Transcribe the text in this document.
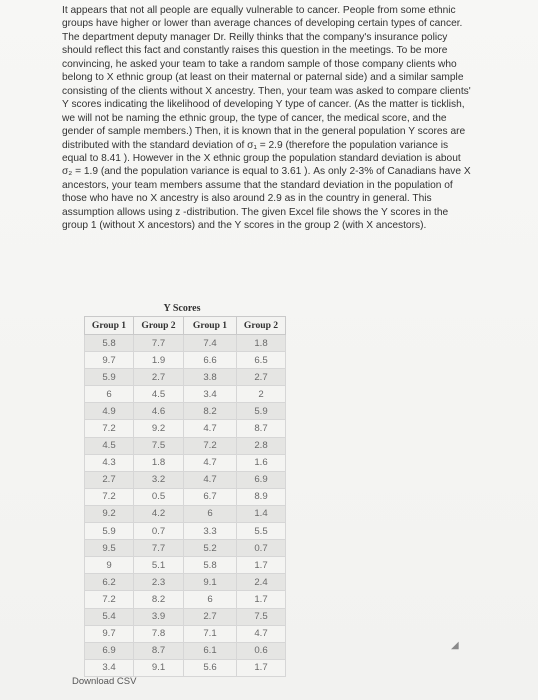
It appears that not all people are equally vulnerable to cancer. People from some ethnic groups have higher or lower than average chances of developing certain types of cancer. The department deputy manager Dr. Reilly thinks that the company's insurance policy should reflect this fact and constantly raises this question in the meetings. To be more convincing, he asked your team to take a random sample of those company clients who belong to X ethnic group (at least on their maternal or paternal side) and a similar sample consisting of the clients without X ancestry. Then, your team was asked to compare clients' Y scores indicating the likelihood of developing Y type of cancer. (As the matter is ticklish, we will not be naming the ethnic group, the type of cancer, the medical score, and the gender of sample members.) Then, it is known that in the general population Y scores are distributed with the standard deviation of σ₁ = 2.9 (therefore the population variance is equal to 8.41 ). However in the X ethnic group the population standard deviation is about σ₂ = 1.9 (and the population variance is equal to 3.61 ). As only 2-3% of Canadians have X ancestors, your team members assume that the standard deviation in the population of those who have no X ancestry is also around 2.9 as in the country in general. This assumption allows using z -distribution. The given Excel file shows the Y scores in the group 1 (without X ancestors) and the Y scores in the group 2 (with X ancestors).
Y Scores
Group 1	Group 2	Group 1	Group 2
5.8	7.7	7.4	1.8
9.7	1.9	6.6	6.5
5.9	2.7	3.8	2.7
6	4.5	3.4	2
4.9	4.6	8.2	5.9
7.2	9.2	4.7	8.7
4.5	7.5	7.2	2.8
4.3	1.8	4.7	1.6
2.7	3.2	4.7	6.9
7.2	0.5	6.7	8.9
9.2	4.2	6	1.4
5.9	0.7	3.3	5.5
9.5	7.7	5.2	0.7
9	5.1	5.8	1.7
6.2	2.3	9.1	2.4
7.2	8.2	6	1.7
5.4	3.9	2.7	7.5
9.7	7.8	7.1	4.7
6.9	8.7	6.1	0.6
3.4	9.1	5.6	1.7
Download CSV
◢
